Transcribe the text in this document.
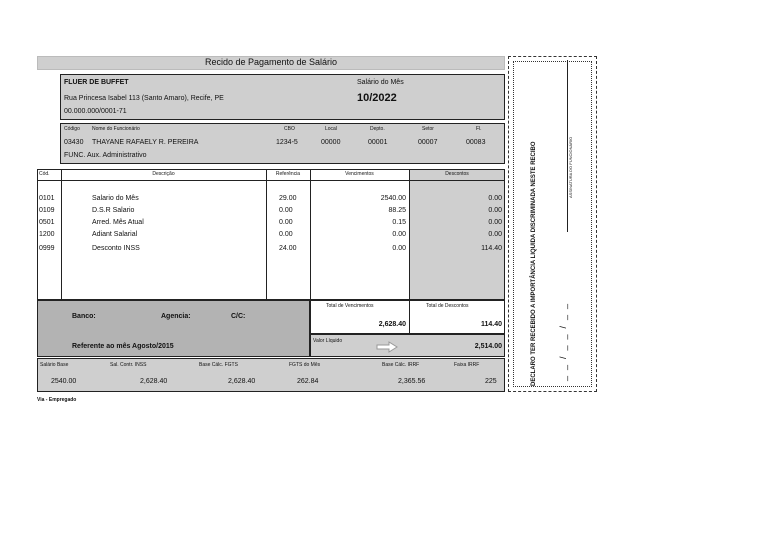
Recido de Pagamento de Salário
FLUER DE BUFFET
Rua Princesa Isabel 113 (Santo Amaro), Recife, PE
00.000.000/0001-71
Salário do Mês
10/2022
Código Nome do Funcionário	CBO	Local	Depto.	Setor	Fl.
03430 THAYANE RAFAELY R. PEREIRA	1234-5	00000	00001	00007	00083
FUNC. Aux. Administrativo
Cód.	Descrição	Referência	Vencimentos	Descontos
0101	Salario do Mês	29.00	2540.00	0.00
0109	D.S.R Salario	0.00	88.25	0.00
0501	Arred. Mês Atual	0.00	0.15	0.00
1200	Adiant Salarial	0.00	0.00	0.00
0999	Desconto INSS	24.00	0.00	114.40
Banco:	Agencia:	C/C:
Referente ao mês Agosto/2015
Total de Vencimentos
2,628.40
Total de Descontos
114.40
Valor Líquido
2,514.00
Salário Base	Sal. Contr. INSS	Base Cálc. FGTS	FGTS do Mês	Base Cálc. IRRF	Faixa IRRF
2540.00	2,628.40	2,628.40	262.84	2,365.56	225
Via - Empregado
DECLARO TER RECEBIDO A IMPORTÂNCIA LIQUIDA DISCRIMINADA NESTE RECIBO	ASSINATURA DO FUNCIONÁRIO
__/__/__
